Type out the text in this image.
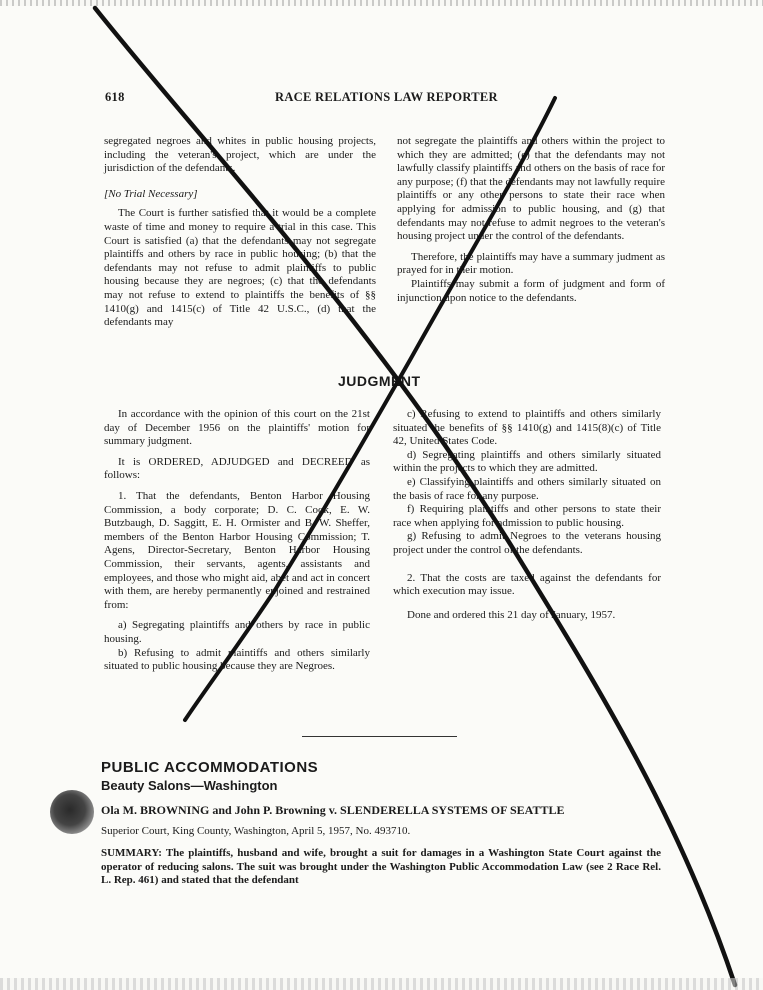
618	RACE RELATIONS LAW REPORTER

segregated negroes and whites in public housing projects, including the veteran's project, which are under the jurisdiction of the defendants.

[No Trial Necessary]

The Court is further satisfied that it would be a complete waste of time and money to require a trial in this case. This Court is satisfied (a) that the defendants may not segregate plaintiffs and others by race in public housing; (b) that the defendants may not refuse to admit plaintiffs to public housing because they are negroes; (c) that the defendants may not refuse to extend to plaintiffs the benefits of §§ 1410(g) and 1415(c) of Title 42 U.S.C., (d) that the defendants may

not segregate the plaintiffs and others within the project to which they are admitted; (e) that the defendants may not lawfully classify plaintiffs and others on the basis of race for any purpose; (f) that the defendants may not lawfully require plaintiffs or any other persons to state their race when applying for admission to public housing, and (g) that defendants may not refuse to admit negroes to the veteran's housing project under the control of the defendants.

Therefore, the plaintiffs may have a summary judment as prayed for in their motion.

Plaintiffs may submit a form of judgment and form of injunction upon notice to the defendants.

JUDGMENT

In accordance with the opinion of this court on the 21st day of December 1956 on the plaintiffs' motion for summary judgment.

It is ORDERED, ADJUDGED and DECREED as follows:

1. That the defendants, Benton Harbor Housing Commission, a body corporate; D. C. Cook, E. W. Butzbaugh, D. Saggitt, E. H. Ormister and B. W. Sheffer, members of the Benton Harbor Housing Commission; T. Agens, Director-Secretary, Benton Harbor Housing Commission, their servants, agents, assistants and employees, and those who might aid, abet and act in concert with them, are hereby permanently enjoined and restrained from:

a) Segregating plaintiffs and others by race in public housing.

b) Refusing to admit plaintiffs and others similarly situated to public housing because they are Negroes.

c) Refusing to extend to plaintiffs and others similarly situated the benefits of §§ 1410(g) and 1415(8)(c) of Title 42, United States Code.

d) Segregating plaintiffs and others similarly situated within the projects to which they are admitted.

e) Classifying plaintiffs and others similarly situated on the basis of race for any purpose.

f) Requiring plaintiffs and other persons to state their race when applying for admission to public housing.

g) Refusing to admit Negroes to the veterans housing project under the control of the defendants.

2. That the costs are taxed against the defendants for which execution may issue.

Done and ordered this 21 day of January, 1957.

PUBLIC ACCOMMODATIONS
Beauty Salons—Washington
Ola M. BROWNING and John P. Browning v. SLENDERELLA SYSTEMS OF SEATTLE
Superior Court, King County, Washington, April 5, 1957, No. 493710.
SUMMARY: The plaintiffs, husband and wife, brought a suit for damages in a Washington State Court against the operator of reducing salons. The suit was brought under the Washington Public Accommodation Law (see 2 Race Rel. L. Rep. 461) and stated that the defendant
